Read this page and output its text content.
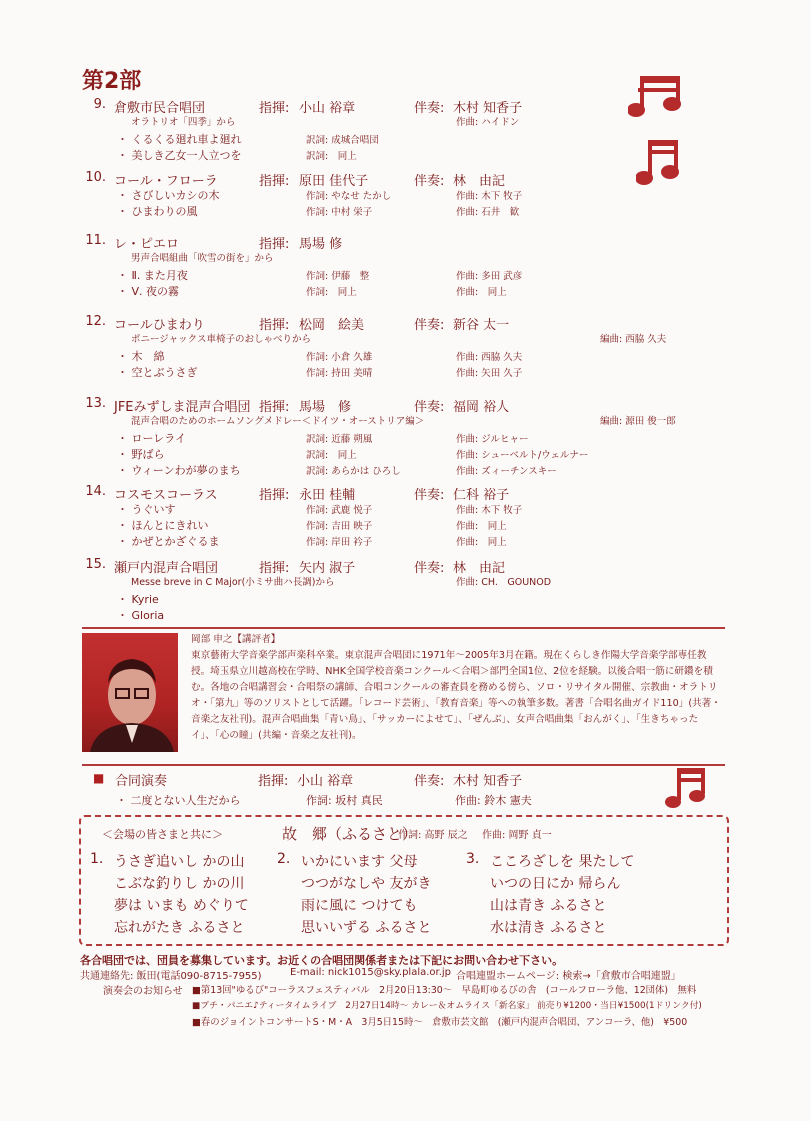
第2部
9. 倉敷市民合唱団	指揮: 小山 裕章	伴奏: 木村 知香子
オラトリオ「四季」から	作曲: ハイドン
・ くるくる廻れ車よ廻れ	訳詞: 成城合唱団
・ 美しき乙女一人立つを	訳詞:　同上
10. コール・フローラ	指揮: 原田 佳代子	伴奏: 林　由記
・ さびしいカシの木	作詞: やなせ たかし	作曲: 木下 牧子
・ ひまわりの風	作詞: 中村 栄子	作曲: 石井　歓
11. レ・ピエロ	指揮: 馬場 修
男声合唱組曲「吹雪の街を」から
・ Ⅱ. また月夜	作詞: 伊藤　整	作曲: 多田 武彦
・ Ⅴ. 夜の霧	作詞:　同上	作曲:　同上
12. コールひまわり	指揮: 松岡　絵美	伴奏: 新谷 太一
ポニージャックス車椅子のおしゃべりから	編曲: 西脇 久夫
・ 木　綿	作詞: 小倉 久雄	作曲: 西脇 久夫
・ 空とぶうさぎ	作詞: 持田 美晴	作曲: 矢田 久子
13. JFEみずしま混声合唱団 指揮: 馬場　修	伴奏: 福岡 裕人
混声合唱のためのホームソングメドレー＜ドイツ・オーストリア編＞	編曲: 源田 俊一郎
・ ローレライ	訳詞: 近藤 朔風	作曲: ジルヒャー
・ 野ばら	訳詞:　同上	作曲: シューベルト/ウェルナー
・ ウィーンわが夢のまち	訳詞: あらかは ひろし	作曲: ズィーチンスキー
14. コスモスコーラス	指揮: 永田 桂輔	伴奏: 仁科 裕子
・ うぐいす	作詞: 武鹿 悦子	作曲: 木下 牧子
・ ほんとにきれい	作詞: 吉田 映子	作曲:　同上
・ かぜとかざぐるま	作詞: 岸田 衿子	作曲:　同上
15. 瀬戸内混声合唱団	指揮: 矢内 淑子	伴奏: 林　由記
Messe breve in C Major(小ミサ曲ハ長調)から	作曲: CH.　GOUNOD
・ Kyrie
・ Gloria
岡部 申之【講評者】
東京藝術大学音楽学部声楽科卒業。東京混声合唱団に1971年～2005年3月在籍。現在くらしき作陽大学音楽学部専任教授。埼玉県立川越高校在学時、NHK全国学校音楽コンクール＜合唱＞部門全国1位、2位を経験。以後合唱一筋に研鑽を積む。各地の合唱講習会・合唱祭の講師、合唱コンクールの審査員を務める傍ら、ソロ・リサイタル開催、宗教曲・オラトリオ・「第九」等のソリストとして活躍。「レコード芸術」、「教育音楽」等への執筆多数。著書「合唱名曲ガイド110」(共著・音楽之友社刊)。混声合唱曲集「青い鳥」、「サッカーによせて」、「ぜんぶ」、女声合唱曲集「おんがく」、「生きちゃったイ」、「心の瞳」(共編・音楽之友社刊)。
■ 合同演奏	指揮: 小山 裕章	伴奏: 木村 知香子
・ 二度とない人生だから	作詞: 坂村 真民	作曲: 鈴木 憲夫
＜会場の皆さまと共に＞	故　郷（ふるさと）
作詞: 高野 辰之 作曲: 岡野 貞一
1. うさぎ追いし かの山
こぶな釣りし かの川
夢は いまも めぐりて
忘れがたき ふるさと
2. いかにいます 父母
つつがなしや 友がき
雨に風に つけても
思いいずる ふるさと
3. こころざしを 果たして
いつの日にか 帰らん
山は青き ふるさと
水は清き ふるさと
各合唱団では、団員を募集しています。お近くの合唱団関係者または下記にお問い合わせ下さい。
共通連絡先: 飯田(電話090-8715-7955)	E-mail: nick1015@sky.plala.or.jp 合唱連盟ホームページ: 検索→「倉敷市合唱連盟」
演奏会のお知らせ ■第13回"ゆるび"コーラスフェスティバル　2月20日13:30～　早島町ゆるびの舎　(コールフローラ他、12団体)　無料
■プチ・パニエ♪ティータイムライブ　2月27日14時～ カレー＆オムライス「新名家」 前売り¥1200・当日¥1500(1ドリンク付)
■春のジョイントコンサートS・M・A　3月5日15時～　倉敷市芸文館　(瀬戸内混声合唱団、アンコーラ、他)　¥500
